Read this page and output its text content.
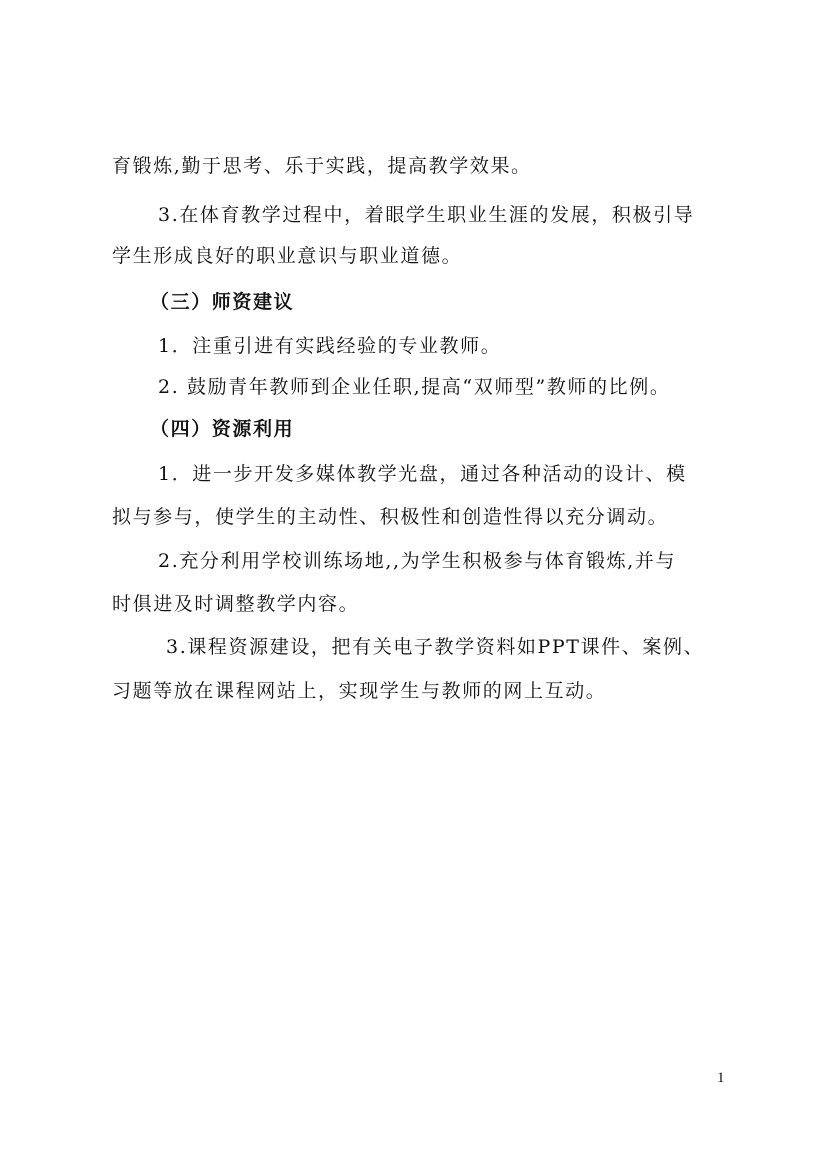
育锻炼,勤于思考、乐于实践，提高教学效果。
3.在体育教学过程中，着眼学生职业生涯的发展，积极引导
学生形成良好的职业意识与职业道德。
（三）师资建议
1．注重引进有实践经验的专业教师。
2. 鼓励青年教师到企业任职,提高“双师型”教师的比例。
（四）资源利用
1．进一步开发多媒体教学光盘，通过各种活动的设计、模
拟与参与，使学生的主动性、积极性和创造性得以充分调动。
2.充分利用学校训练场地,,为学生积极参与体育锻炼,并与
时俱进及时调整教学内容。
3.课程资源建设，把有关电子教学资料如PPT课件、案例、
习题等放在课程网站上，实现学生与教师的网上互动。
1
